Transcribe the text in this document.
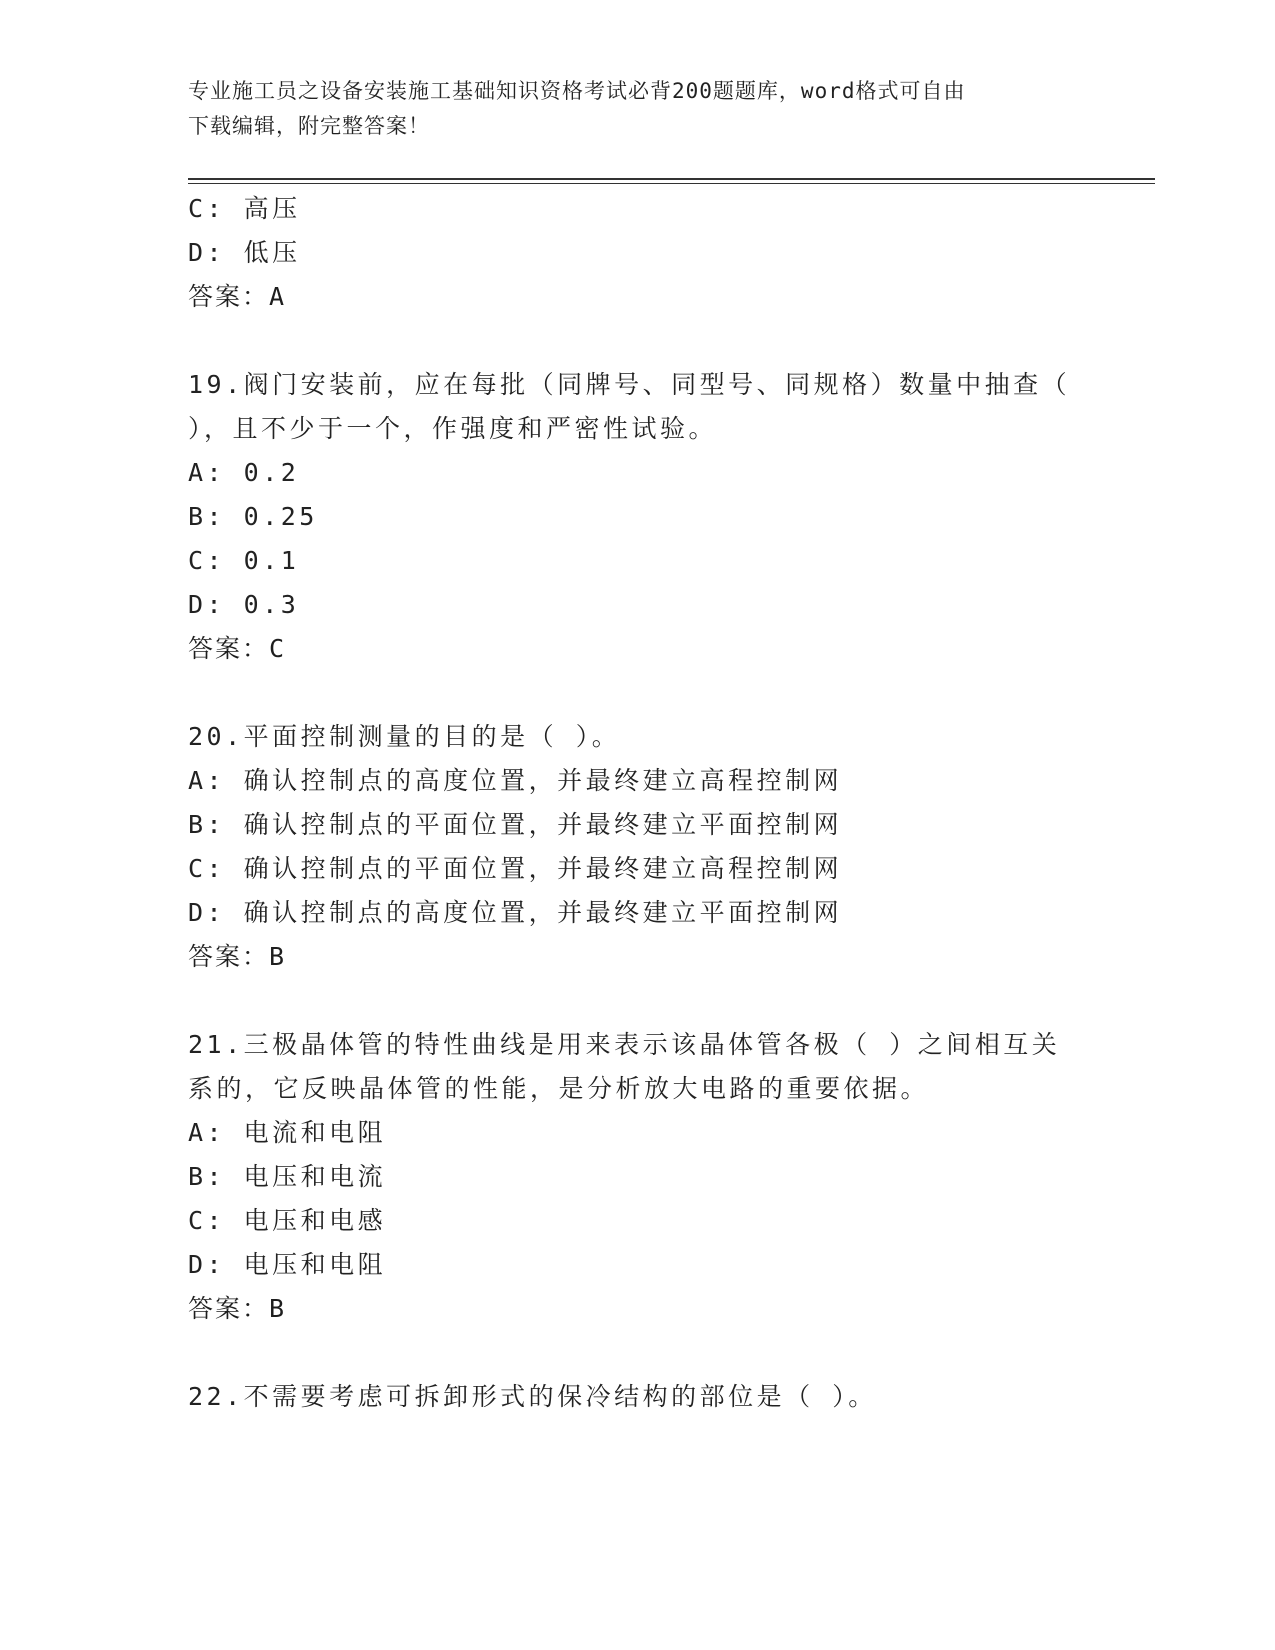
专业施工员之设备安装施工基础知识资格考试必背200题题库，word格式可自由
下载编辑，附完整答案！
C: 高压
D: 低压
答案：A
19.阀门安装前，应在每批（同牌号、同型号、同规格）数量中抽查（
），且不少于一个，作强度和严密性试验。
A: 0.2
B: 0.25
C: 0.1
D: 0.3
答案：C
20.平面控制测量的目的是（ ）。
A: 确认控制点的高度位置，并最终建立高程控制网
B: 确认控制点的平面位置，并最终建立平面控制网
C: 确认控制点的平面位置，并最终建立高程控制网
D: 确认控制点的高度位置，并最终建立平面控制网
答案：B
21.三极晶体管的特性曲线是用来表示该晶体管各极（ ）之间相互关
系的，它反映晶体管的性能，是分析放大电路的重要依据。
A: 电流和电阻
B: 电压和电流
C: 电压和电感
D: 电压和电阻
答案：B
22.不需要考虑可拆卸形式的保冷结构的部位是（ ）。
